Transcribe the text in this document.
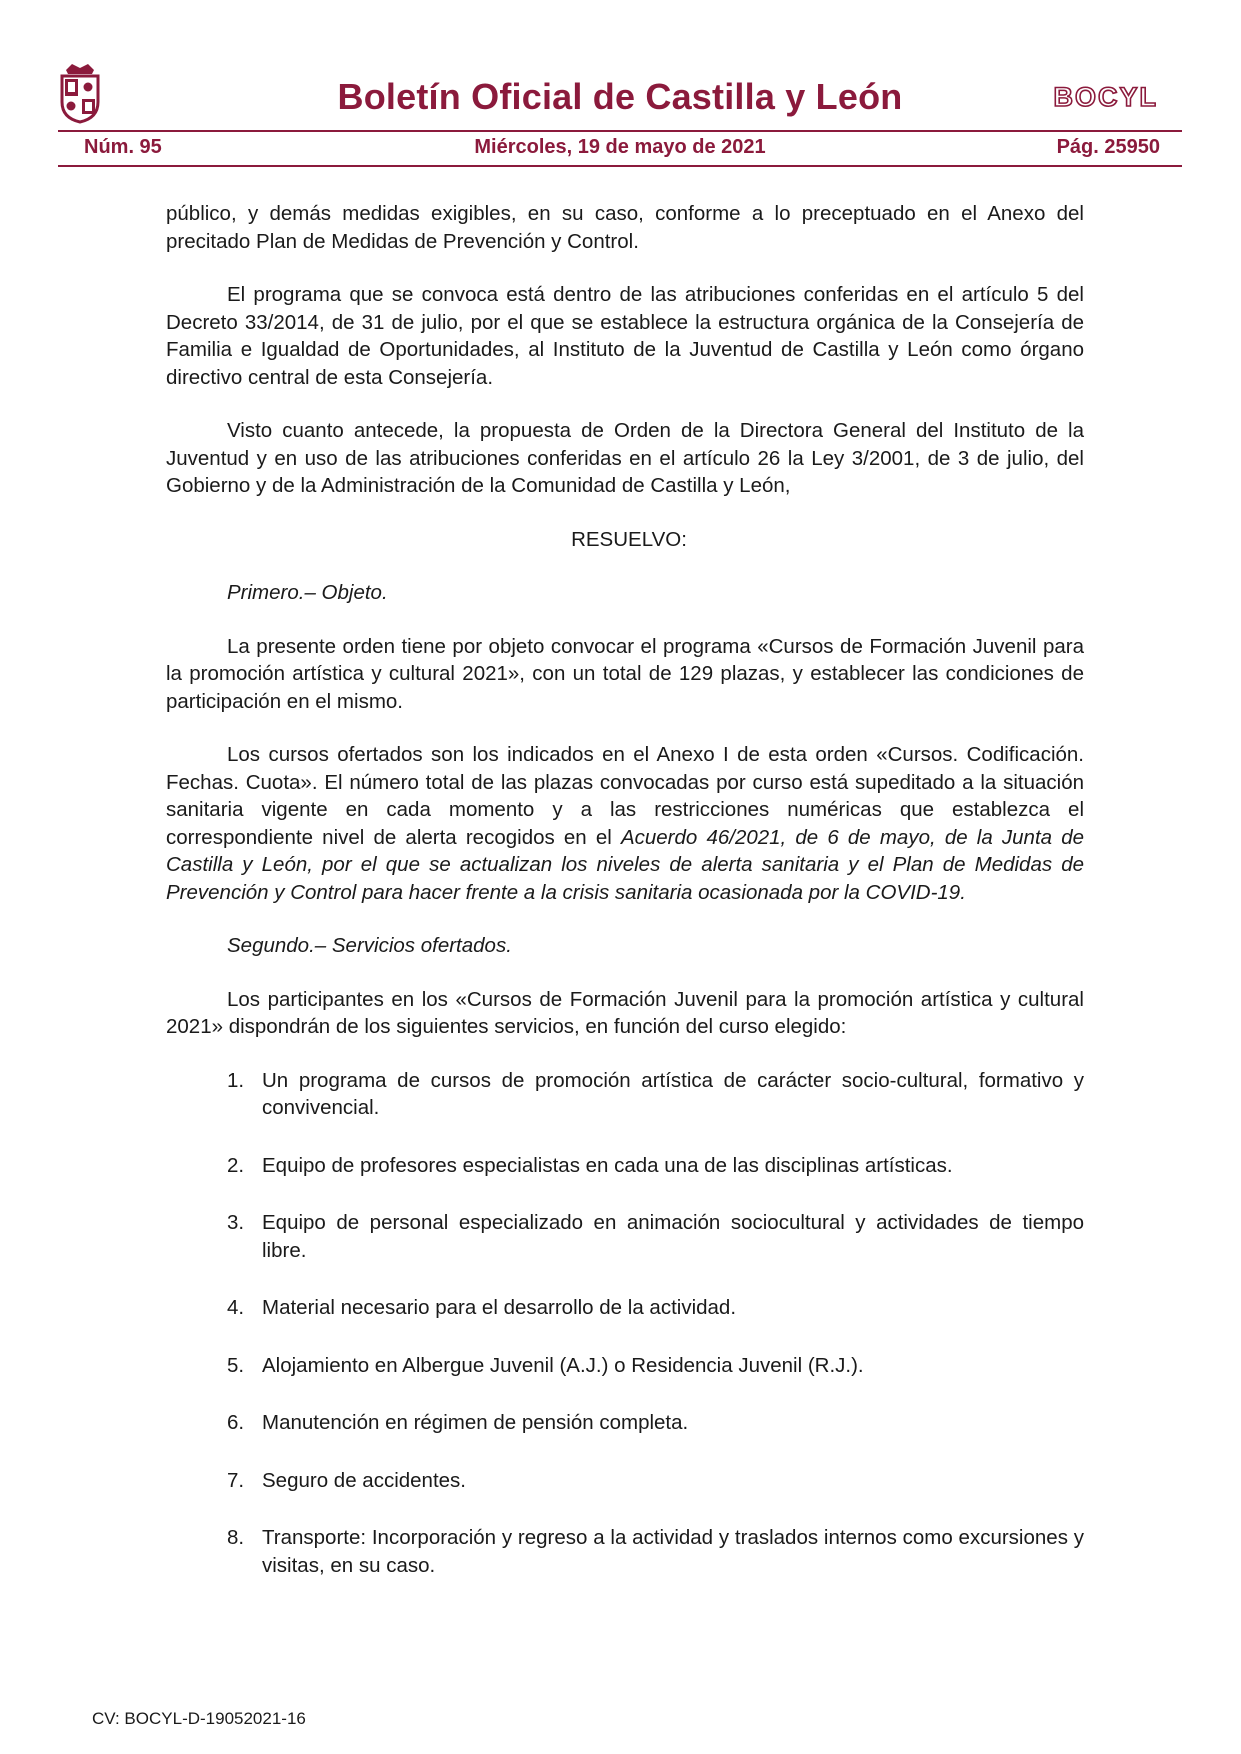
Boletín Oficial de Castilla y León	BOCYL
Núm. 95	Miércoles, 19 de mayo de 2021	Pág. 25950

público, y demás medidas exigibles, en su caso, conforme a lo preceptuado en el Anexo del precitado Plan de Medidas de Prevención y Control.

El programa que se convoca está dentro de las atribuciones conferidas en el artículo 5 del Decreto 33/2014, de 31 de julio, por el que se establece la estructura orgánica de la Consejería de Familia e Igualdad de Oportunidades, al Instituto de la Juventud de Castilla y León como órgano directivo central de esta Consejería.

Visto cuanto antecede, la propuesta de Orden de la Directora General del Instituto de la Juventud y en uso de las atribuciones conferidas en el artículo 26 la Ley 3/2001, de 3 de julio, del Gobierno y de la Administración de la Comunidad de Castilla y León,

RESUELVO:

Primero.– Objeto.

La presente orden tiene por objeto convocar el programa «Cursos de Formación Juvenil para la promoción artística y cultural 2021», con un total de 129 plazas, y establecer las condiciones de participación en el mismo.

Los cursos ofertados son los indicados en el Anexo I de esta orden «Cursos. Codificación. Fechas. Cuota». El número total de las plazas convocadas por curso está supeditado a la situación sanitaria vigente en cada momento y a las restricciones numéricas que establezca el correspondiente nivel de alerta recogidos en el Acuerdo 46/2021, de 6 de mayo, de la Junta de Castilla y León, por el que se actualizan los niveles de alerta sanitaria y el Plan de Medidas de Prevención y Control para hacer frente a la crisis sanitaria ocasionada por la COVID-19.

Segundo.– Servicios ofertados.

Los participantes en los «Cursos de Formación Juvenil para la promoción artística y cultural 2021» dispondrán de los siguientes servicios, en función del curso elegido:

1. Un programa de cursos de promoción artística de carácter socio-cultural, formativo y convivencial.
2. Equipo de profesores especialistas en cada una de las disciplinas artísticas.
3. Equipo de personal especializado en animación sociocultural y actividades de tiempo libre.
4. Material necesario para el desarrollo de la actividad.
5. Alojamiento en Albergue Juvenil (A.J.) o Residencia Juvenil (R.J.).
6. Manutención en régimen de pensión completa.
7. Seguro de accidentes.
8. Transporte: Incorporación y regreso a la actividad y traslados internos como excursiones y visitas, en su caso.
CV: BOCYL-D-19052021-16
